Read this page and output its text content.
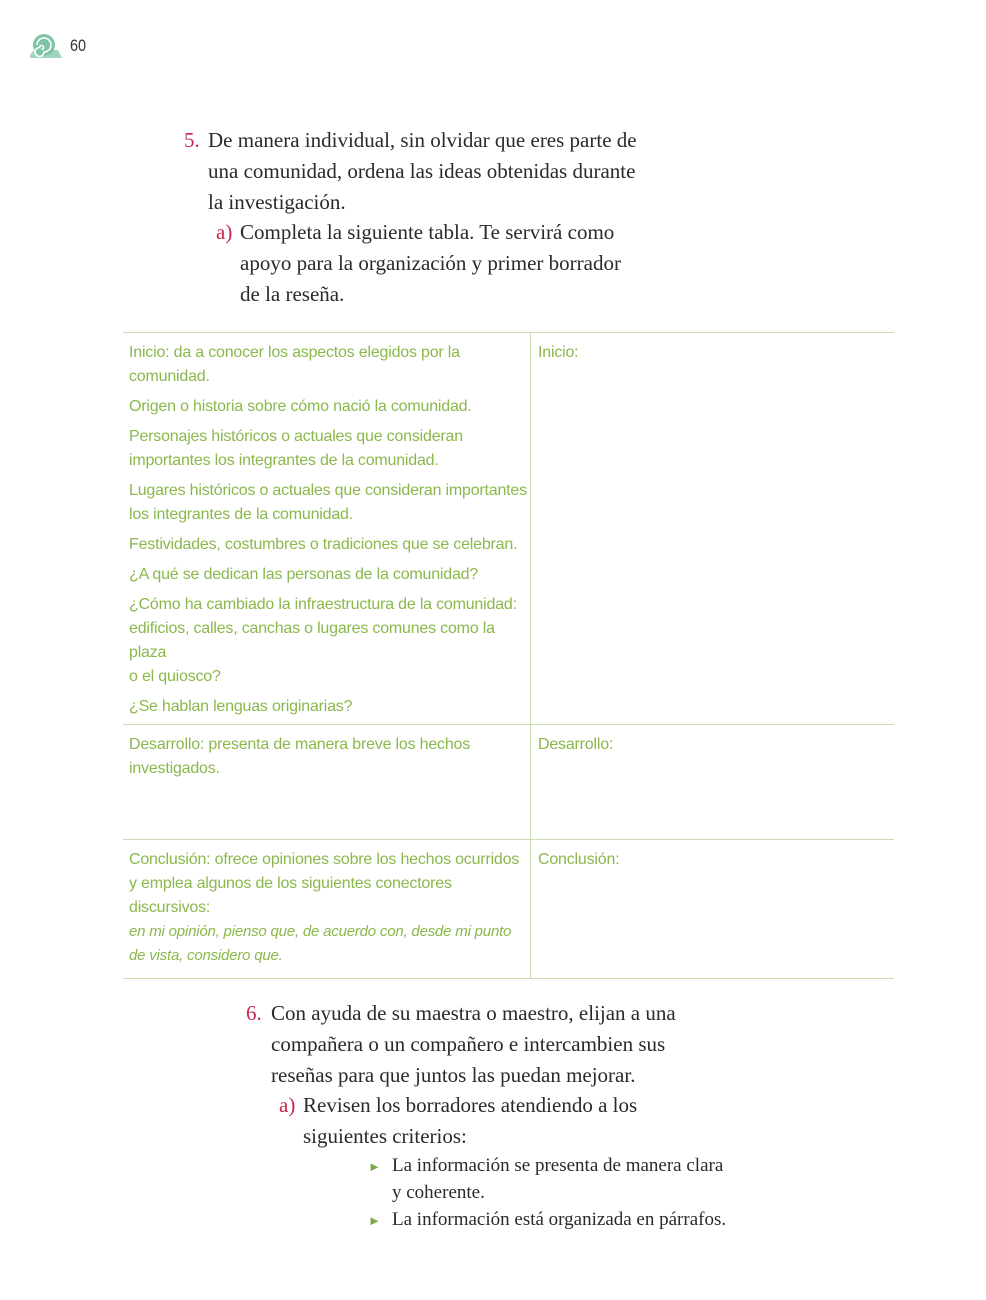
60
5. De manera individual, sin olvidar que eres parte de
una comunidad, ordena las ideas obtenidas durante
la investigación.
a) Completa la siguiente tabla. Te servirá como
apoyo para la organización y primer borrador
de la reseña.
Inicio: da a conocer los aspectos elegidos por la comunidad.
Origen o historia sobre cómo nació la comunidad.
Personajes históricos o actuales que consideran
importantes los integrantes de la comunidad.
Lugares históricos o actuales que consideran importantes
los integrantes de la comunidad.
Festividades, costumbres o tradiciones que se celebran.
¿A qué se dedican las personas de la comunidad?
¿Cómo ha cambiado la infraestructura de la comunidad:
edificios, calles, canchas o lugares comunes como la plaza
o el quiosco?
¿Se hablan lenguas originarias?
Inicio:
Desarrollo: presenta de manera breve los hechos
investigados.
Desarrollo:
Conclusión: ofrece opiniones sobre los hechos ocurridos
y emplea algunos de los siguientes conectores discursivos:
en mi opinión, pienso que, de acuerdo con, desde mi punto
de vista, considero que.
Conclusión:
6. Con ayuda de su maestra o maestro, elijan a una
compañera o un compañero e intercambien sus
reseñas para que juntos las puedan mejorar.
a) Revisen los borradores atendiendo a los
siguientes criterios:
► La información se presenta de manera clara
y coherente.
► La información está organizada en párrafos.
